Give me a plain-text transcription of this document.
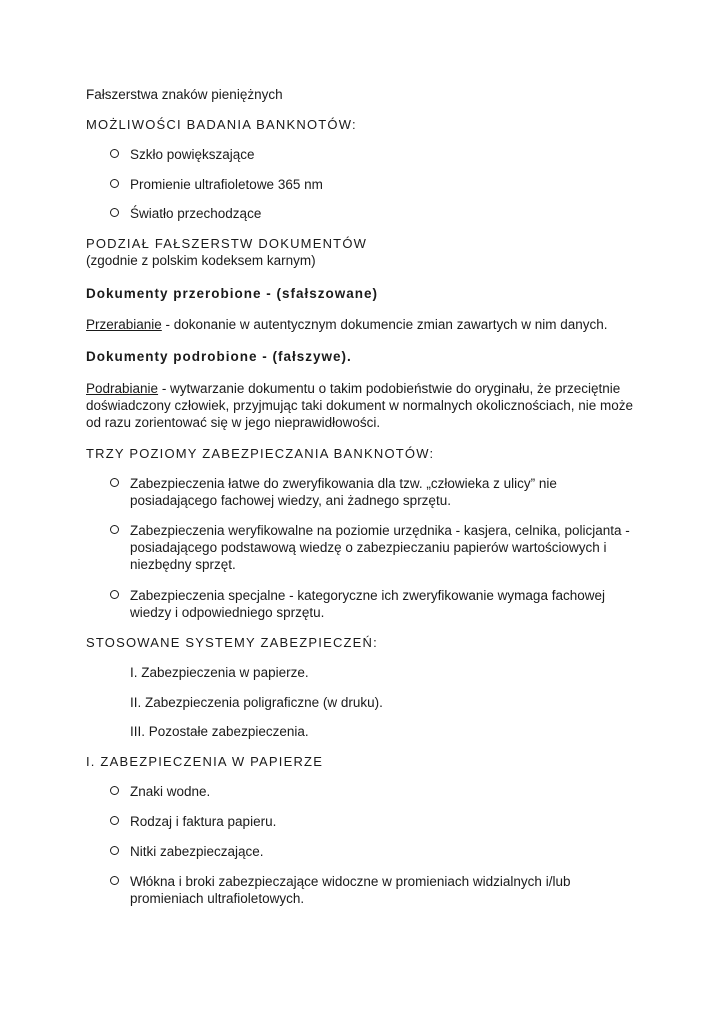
Fałszerstwa znaków pieniężnych
MOŻLIWOŚCI BADANIA BANKNOTÓW:
Szkło powiększające
Promienie ultrafioletowe 365 nm
Światło przechodzące
PODZIAŁ FAŁSZERSTW DOKUMENTÓW
(zgodnie z polskim kodeksem karnym)
Dokumenty przerobione - (sfałszowane)
Przerabianie - dokonanie w autentycznym dokumencie zmian zawartych w nim danych.
Dokumenty podrobione - (fałszywe).
Podrabianie - wytwarzanie dokumentu o takim podobieństwie do oryginału, że przeciętnie
doświadczony człowiek, przyjmując taki dokument w normalnych okolicznościach, nie może
od razu zorientować się w jego nieprawidłowości.
TRZY POZIOMY ZABEZPIECZANIA BANKNOTÓW:
Zabezpieczenia łatwe do zweryfikowania dla tzw. „człowieka z ulicy” nie
posiadającego fachowej wiedzy, ani żadnego sprzętu.
Zabezpieczenia weryfikowalne na poziomie urzędnika - kasjera, celnika, policjanta -
posiadającego podstawową wiedzę o zabezpieczaniu papierów wartościowych i
niezbędny sprzęt.
Zabezpieczenia specjalne - kategoryczne ich zweryfikowanie wymaga fachowej
wiedzy i odpowiedniego sprzętu.
STOSOWANE SYSTEMY ZABEZPIECZEŃ:
I. Zabezpieczenia w papierze.
II. Zabezpieczenia poligraficzne (w druku).
III. Pozostałe zabezpieczenia.
I. ZABEZPIECZENIA W PAPIERZE
Znaki wodne.
Rodzaj i faktura papieru.
Nitki zabezpieczające.
Włókna i broki zabezpieczające widoczne w promieniach widzialnych i/lub
promieniach ultrafioletowych.
